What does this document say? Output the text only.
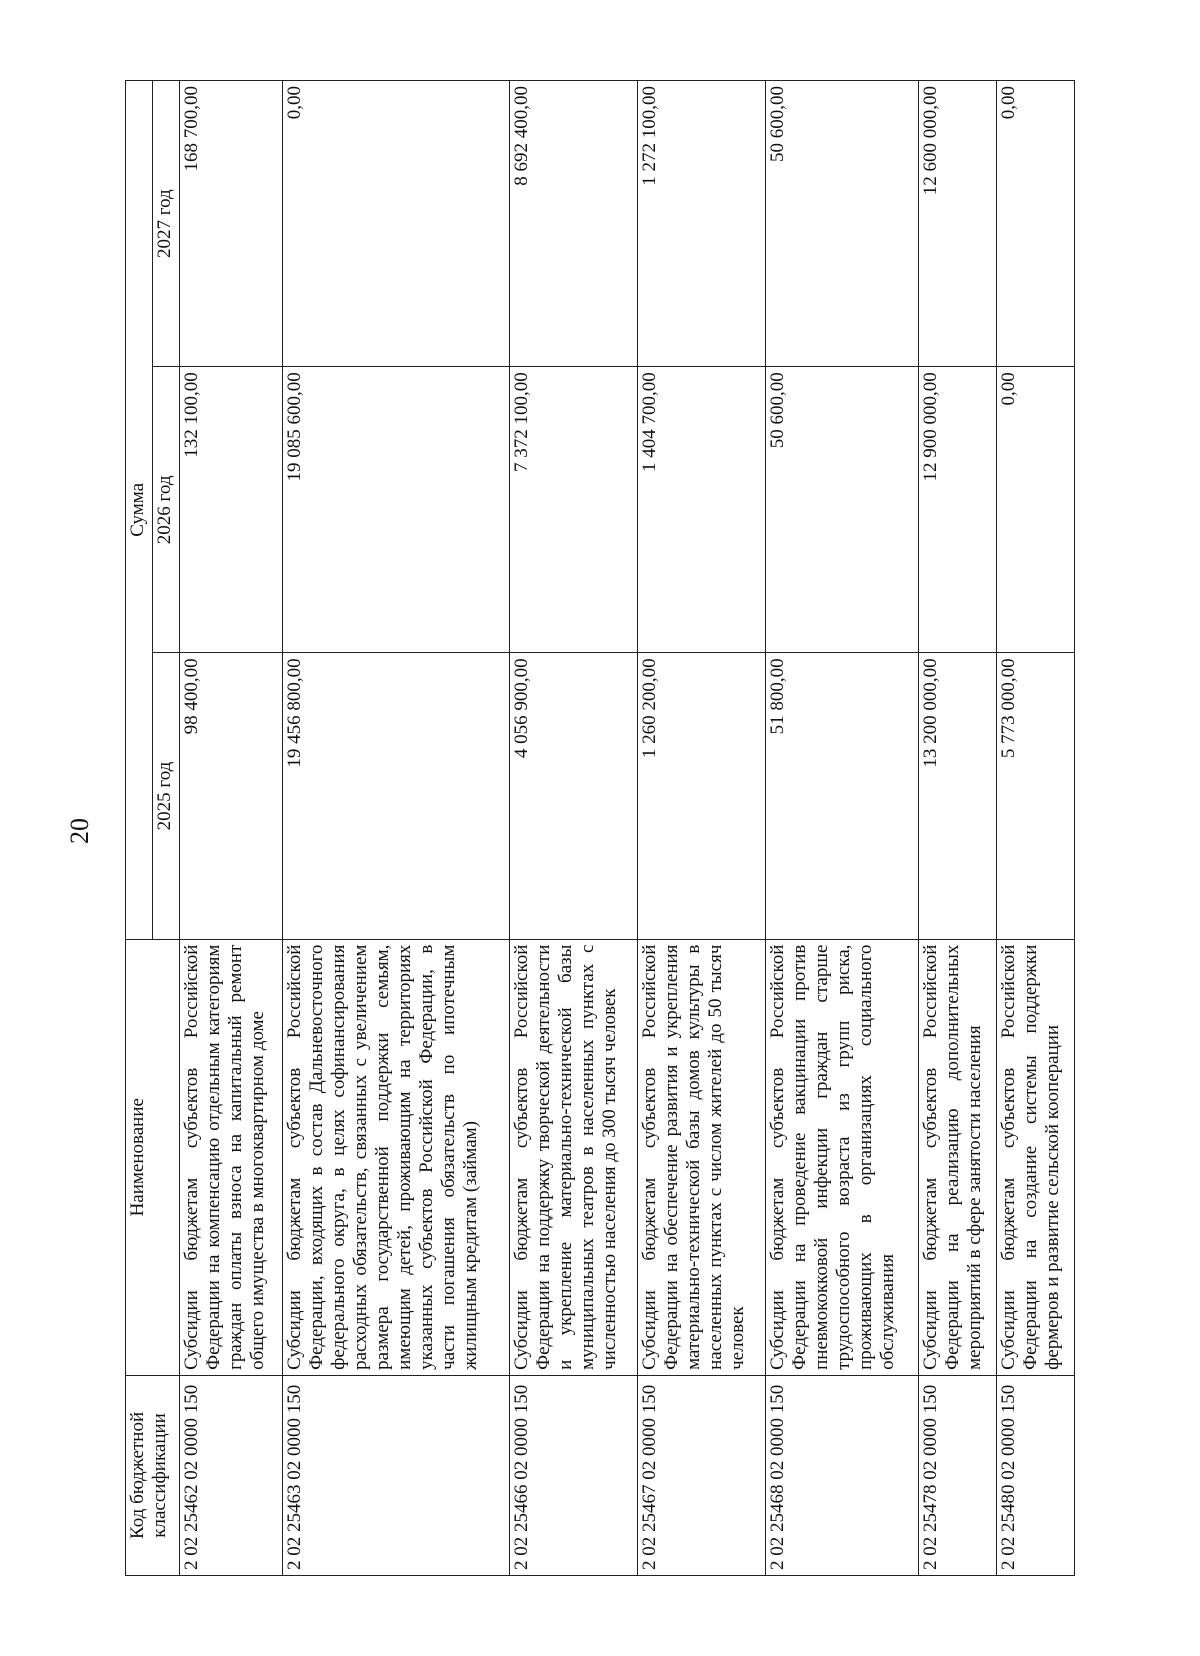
20
Код бюджетной классификации	Наименование	Сумма		
		2025 год	2026 год	2027 год
2 02 25462 02 0000 150	Субсидии бюджетам субъектов Российской Федерации на компенсацию отдельным категориям граждан оплаты взноса на капитальный ремонт общего имущества в многоквартирном доме	98 400,00	132 100,00	168 700,00
2 02 25463 02 0000 150	Субсидии бюджетам субъектов Российской Федерации, входящих в состав Дальневосточного федерального округа, в целях софинансирования расходных обязательств, связанных с увеличением размера государственной поддержки семьям, имеющим детей, проживающим на территориях указанных субъектов Российской Федерации, в части погашения обязательств по ипотечным жилищным кредитам (займам)	19 456 800,00	19 085 600,00	0,00
2 02 25466 02 0000 150	Субсидии бюджетам субъектов Российской Федерации на поддержку творческой деятельности и укрепление материально-технической базы муниципальных театров в населенных пунктах с численностью населения до 300 тысяч человек	4 056 900,00	7 372 100,00	8 692 400,00
2 02 25467 02 0000 150	Субсидии бюджетам субъектов Российской Федерации на обеспечение развития и укрепления материально-технической базы домов культуры в населенных пунктах с числом жителей до 50 тысяч человек	1 260 200,00	1 404 700,00	1 272 100,00
2 02 25468 02 0000 150	Субсидии бюджетам субъектов Российской Федерации на проведение вакцинации против пневмококковой инфекции граждан старше трудоспособного возраста из групп риска, проживающих в организациях социального обслуживания	51 800,00	50 600,00	50 600,00
2 02 25478 02 0000 150	Субсидии бюджетам субъектов Российской Федерации на реализацию дополнительных мероприятий в сфере занятости населения	13 200 000,00	12 900 000,00	12 600 000,00
2 02 25480 02 0000 150	Субсидии бюджетам субъектов Российской Федерации на создание системы поддержки фермеров и развитие сельской кооперации	5 773 000,00	0,00	0,00
